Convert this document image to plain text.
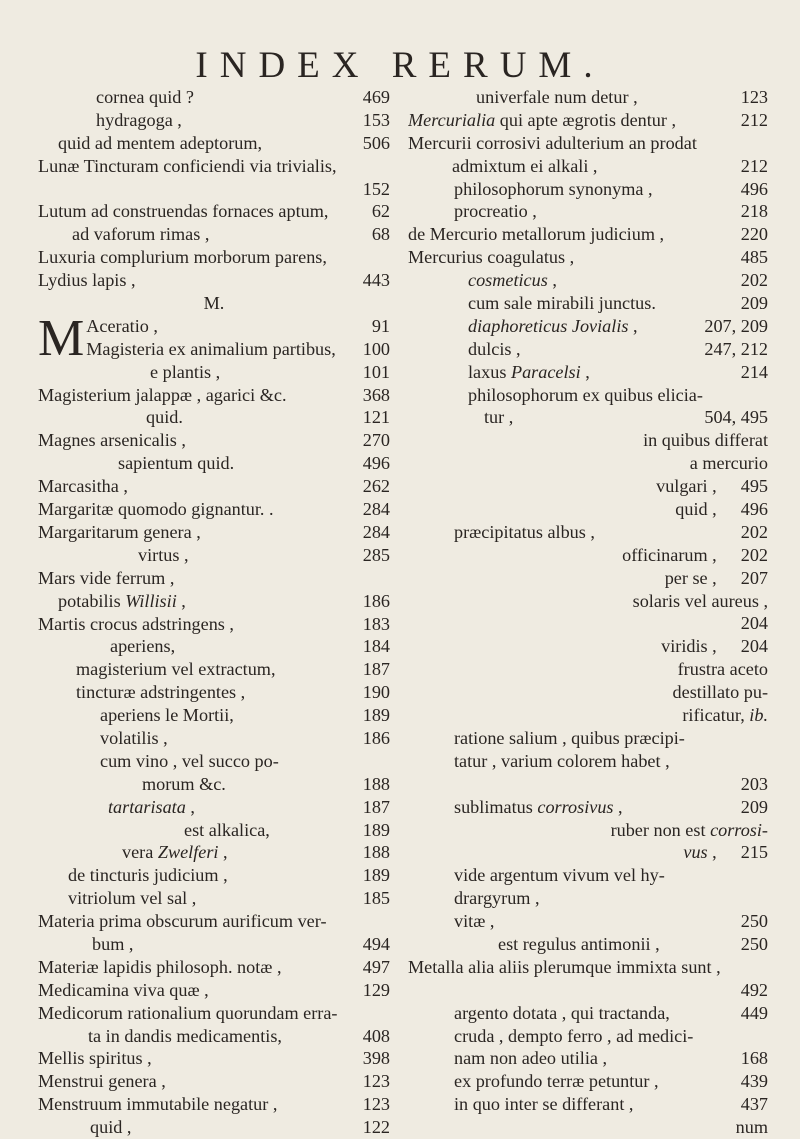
INDEX RERUM.
cornea quid ?	469
hydragoga ,	153
quid ad mentem adeptorum,	506
Lunæ Tincturam conficiendi via trivialis,
152
Lutum ad construendas fornaces aptum,	62
ad vaforum rimas ,	68
Luxuria complurium morborum parens,
Lydius lapis ,	443
M.
M Aceratio ,	91
Magisteria ex animalium partibus,	100
e plantis ,	101
Magisterium jalappæ , agarici &c.	368
quid.	121
Magnes arsenicalis ,	270
sapientum quid.	496
Marcasitha ,	262
Margaritæ quomodo gignantur. .	284
Margaritarum genera ,	284
virtus ,	285
Mars vide ferrum ,
potabilis Willisii ,	186
Martis crocus adstringens ,	183
aperiens,	184
magisterium vel extractum,	187
tincturæ adstringentes ,	190
aperiens le Mortii,	189
volatilis ,	186
cum vino , vel succo po-
morum &c.	188
tartarisata ,	187
est alkalica,	189
vera Zwelferi ,	188
de tincturis judicium ,	189
vitriolum vel sal ,	185
Materia prima obscurum aurificum ver-
bum ,	494
Materiæ lapidis philosoph. notæ ,	497
Medicamina viva quæ ,	129
Medicorum rationalium quorundam erra-
ta in dandis medicamentis,	408
Mellis spiritus ,	398
Menstrui genera ,	123
Menstruum immutabile negatur ,	123
quid ,	122
univerfale num detur ,	123
Mercurialia qui apte ægrotis dentur ,	212
Mercurii corrosivi adulterium an prodat
admixtum ei alkali ,	212
philosophorum synonyma ,	496
procreatio ,	218
de Mercurio metallorum judicium ,	220
Mercurius coagulatus ,	485
cosmeticus ,	202
cum sale mirabili junctus.	209
diaphoreticus Jovialis ,	207, 209
dulcis ,	247, 212
laxus Paracelsi ,	214
philosophorum ex quibus elicia-
tur ,	504, 495
in quibus differat
a mercurio
vulgari ,	495
quid ,	496
præcipitatus albus ,	202
officinarum ,	202
per se ,	207
solaris vel aureus ,
204
viridis ,	204
frustra aceto
destillato pu-
rificatur, ib.
ratione salium , quibus præcipi-
tatur , varium colorem habet ,
203
sublimatus corrosivus ,	209
ruber non est corrosi-
vus ,	215
vide argentum vivum vel hy-
drargyrum ,
vitæ ,	250
est regulus antimonii ,	250
Metalla alia aliis plerumque immixta sunt ,
492
argento dotata , qui tractanda,	449
cruda , dempto ferro , ad medici-
nam non adeo utilia ,	168
ex profundo terræ petuntur ,	439
in quo inter se differant ,	437
num
